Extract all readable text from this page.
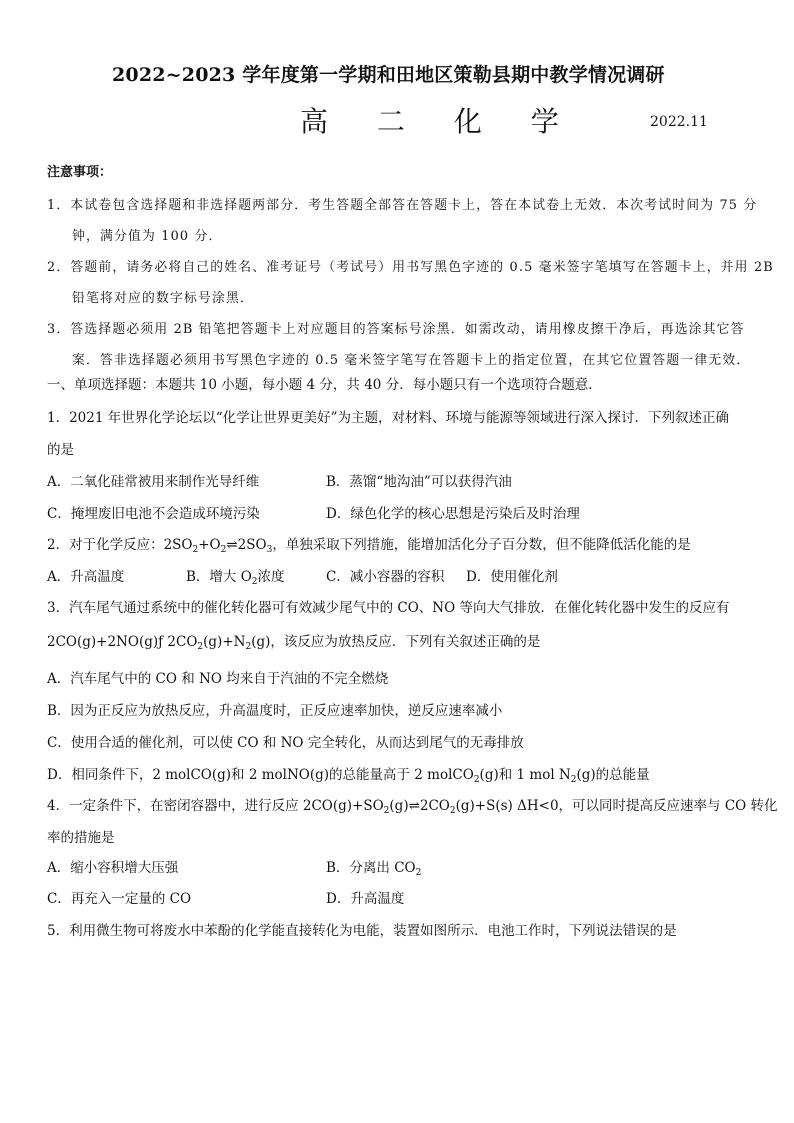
2022~2023 学年度第一学期和田地区策勒县期中教学情况调研
高 二 化 学	2022.11
注意事项：
1．本试卷包含选择题和非选择题两部分．考生答题全部答在答题卡上，答在本试卷上无效．本次考试时间为 75 分
钟，满分值为 100 分．
2．答题前，请务必将自己的姓名、准考证号（考试号）用书写黑色字迹的 0.5 毫米签字笔填写在答题卡上，并用 2B
铅笔将对应的数字标号涂黑．
3．答选择题必须用 2B 铅笔把答题卡上对应题目的答案标号涂黑．如需改动，请用橡皮擦干净后，再选涂其它答
案．答非选择题必须用书写黑色字迹的 0.5 毫米签字笔写在答题卡上的指定位置，在其它位置答题一律无效．
一、单项选择题：本题共 10 小题，每小题 4 分，共 40 分．每小题只有一个选项符合题意．
1．2021 年世界化学论坛以“化学让世界更美好”为主题，对材料、环境与能源等领域进行深入探讨．下列叙述正确
的是
A．二氧化硅常被用来制作光导纤维	B．蒸馏“地沟油”可以获得汽油
C．掩埋废旧电池不会造成环境污染	D．绿色化学的核心思想是污染后及时治理
2．对于化学反应：$2SO_2+O_2\rightleftharpoons 2SO_3$，单独采取下列措施，能增加活化分子百分数，但不能降低活化能的是
A．升高温度	B．增大 $O_2$浓度	C．减小容器的容积 D．使用催化剂
3．汽车尾气通过系统中的催化转化器可有效减少尾气中的 CO、NO 等向大气排放．在催化转化器中发生的反应有
2CO(g)+2NO(g)ƒ $2CO_2(g)+N_2(g)$，该反应为放热反应．下列有关叙述正确的是
A．汽车尾气中的 CO 和 NO 均来自于汽油的不完全燃烧
B．因为正反应为放热反应，升高温度时，正反应速率加快，逆反应速率减小
C．使用合适的催化剂，可以使 CO 和 NO 完全转化，从而达到尾气的无毒排放
D．相同条件下，2 molCO(g)和 2 molNO(g)的总能量高于 2 molCO$_2$(g)和 1 mol $N_2(g)$的总能量
4．一定条件下，在密闭容器中，进行反应 $2CO(g)+SO_2(g)\rightleftharpoons 2CO_2(g)+S(s)$ ΔH<0，可以同时提高反应速率与 CO 转化
率的措施是
A．缩小容积增大压强	B．分离出 $CO_2$
C．再充入一定量的 CO	D．升高温度
5．利用微生物可将废水中苯酚的化学能直接转化为电能，装置如图所示．电池工作时，下列说法错误的是
